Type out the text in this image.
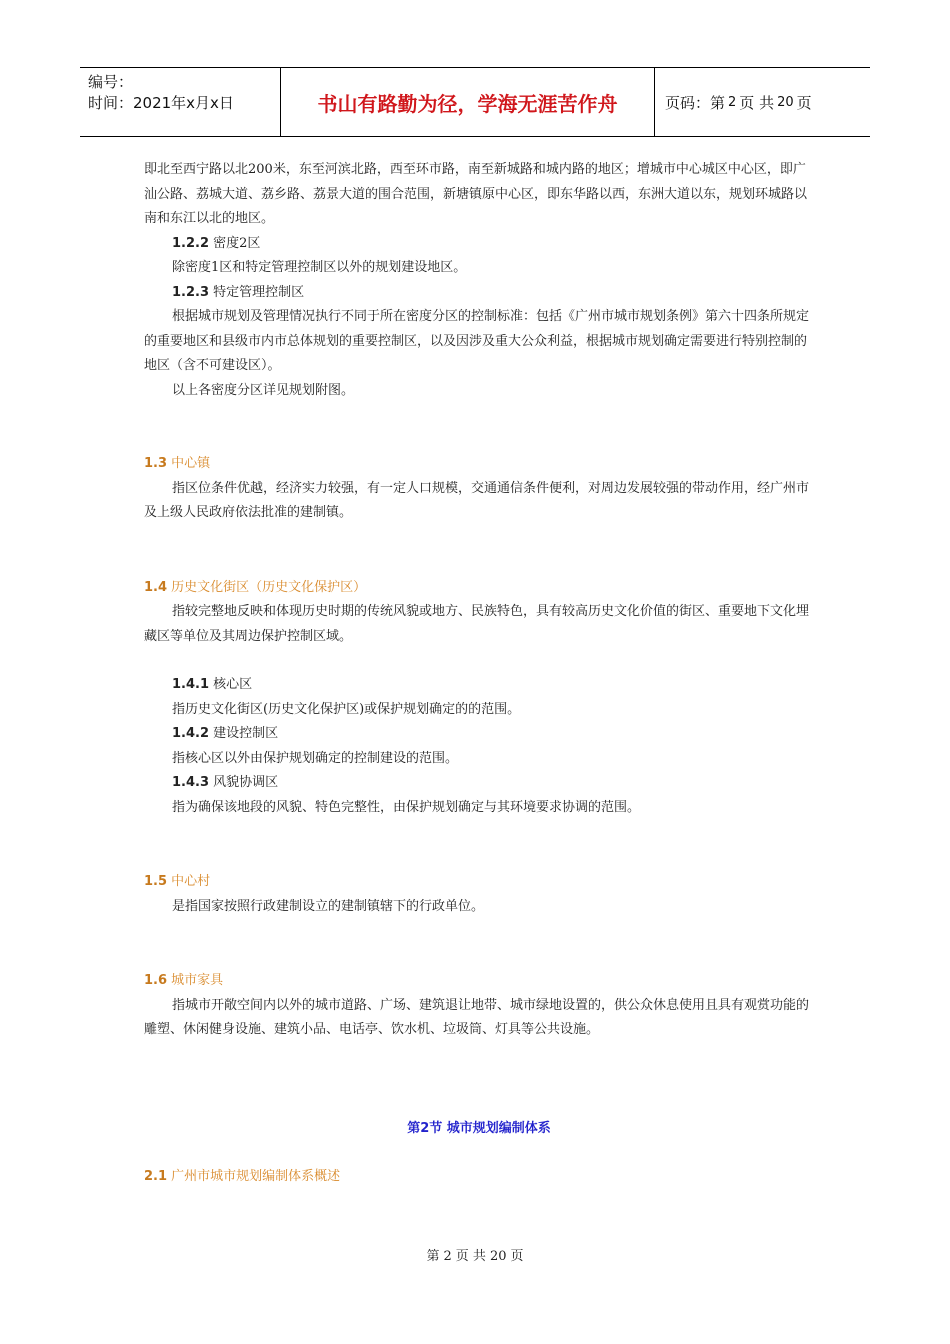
编号：
时间：2021年x月x日	书山有路勤为径，学海无涯苦作舟	页码：第 2 页 共 20 页

即北至西宁路以北200米，东至河滨北路，西至环市路，南至新城路和城内路的地区；增城市中心城区中心区，即广汕公路、荔城大道、荔乡路、荔景大道的围合范围，新塘镇原中心区，即东华路以西，东洲大道以东，规划环城路以南和东江以北的地区。

1.2.2 密度2区

除密度1区和特定管理控制区以外的规划建设地区。

1.2.3 特定管理控制区

根据城市规划及管理情况执行不同于所在密度分区的控制标准：包括《广州市城市规划条例》第六十四条所规定的重要地区和县级市内市总体规划的重要控制区，以及因涉及重大公众利益，根据城市规划确定需要进行特别控制的地区（含不可建设区）。

以上各密度分区详见规划附图。

1.3 中心镇

指区位条件优越，经济实力较强，有一定人口规模，交通通信条件便利，对周边发展较强的带动作用，经广州市及上级人民政府依法批准的建制镇。

1.4 历史文化街区（历史文化保护区）

指较完整地反映和体现历史时期的传统风貌或地方、民族特色，具有较高历史文化价值的街区、重要地下文化埋藏区等单位及其周边保护控制区域。

1.4.1 核心区

指历史文化街区(历史文化保护区)或保护规划确定的的范围。

1.4.2 建设控制区

指核心区以外由保护规划确定的控制建设的范围。

1.4.3 风貌协调区

指为确保该地段的风貌、特色完整性，由保护规划确定与其环境要求协调的范围。

1.5 中心村

是指国家按照行政建制设立的建制镇辖下的行政单位。

1.6 城市家具

指城市开敞空间内以外的城市道路、广场、建筑退让地带、城市绿地设置的，供公众休息使用且具有观赏功能的雕塑、休闲健身设施、建筑小品、电话亭、饮水机、垃圾筒、灯具等公共设施。

第2节 城市规划编制体系

2.1 广州市城市规划编制体系概述

第 2 页 共 20 页
